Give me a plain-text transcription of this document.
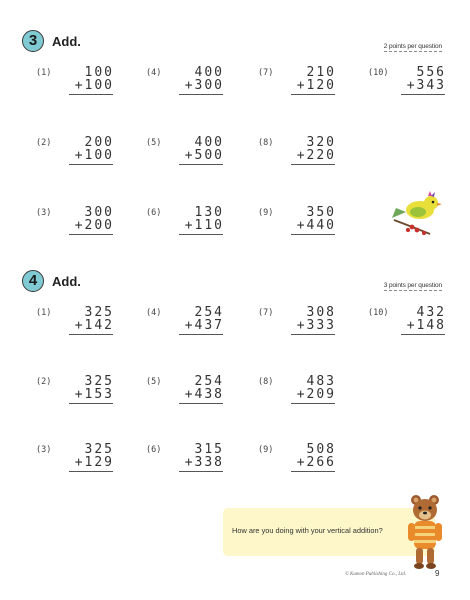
3	Add.	2 points per question
(1)	100
+100
(2)	200
+100
(3)	300
+200
(4)	400
+300
(5)	400
+500
(6)	130
+110
(7)	210
+120
(8)	320
+220
(9)	350
+440
(10) 556
+343
4	Add.	3 points per question
(1)	325
+142
(2)	325
+153
(3)	325
+129
(4)	254
+437
(5)	254
+438
(6)	315
+338
(7)	308
+333
(8)	483
+209
(9)	508
+266
(10) 432
+148
How are you doing with your vertical addition?
© Kumon Publishing Co., Ltd.	9
